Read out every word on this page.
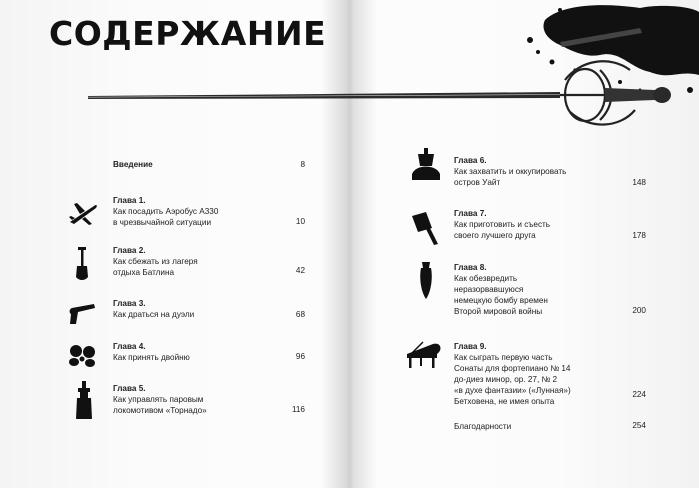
СОДЕРЖАНИЕ
Введение	8
Глава 1.
Как посадить Аэробус А330
в чрезвычайной ситуации	10
Глава 2.
Как сбежать из лагеря
отдыха Батлина	42
Глава 3.
Как драться на дуэли	68
Глава 4.
Как принять двойню	96
Глава 5.
Как управлять паровым
локомотивом «Торнадо»	116
Глава 6.
Как захватить и оккупировать
остров Уайт	148
Глава 7.
Как приготовить и съесть
своего лучшего друга	178
Глава 8.
Как обезвредить
неразорвавшуюся
немецкую бомбу времен
Второй мировой войны	200
Глава 9.
Как сыграть первую часть
Сонаты для фортепиано № 14
до-диез минор, ор. 27, № 2
«в духе фантазии» («Лунная»)
Бетховена, не имея опыта
224
Благодарности	254
